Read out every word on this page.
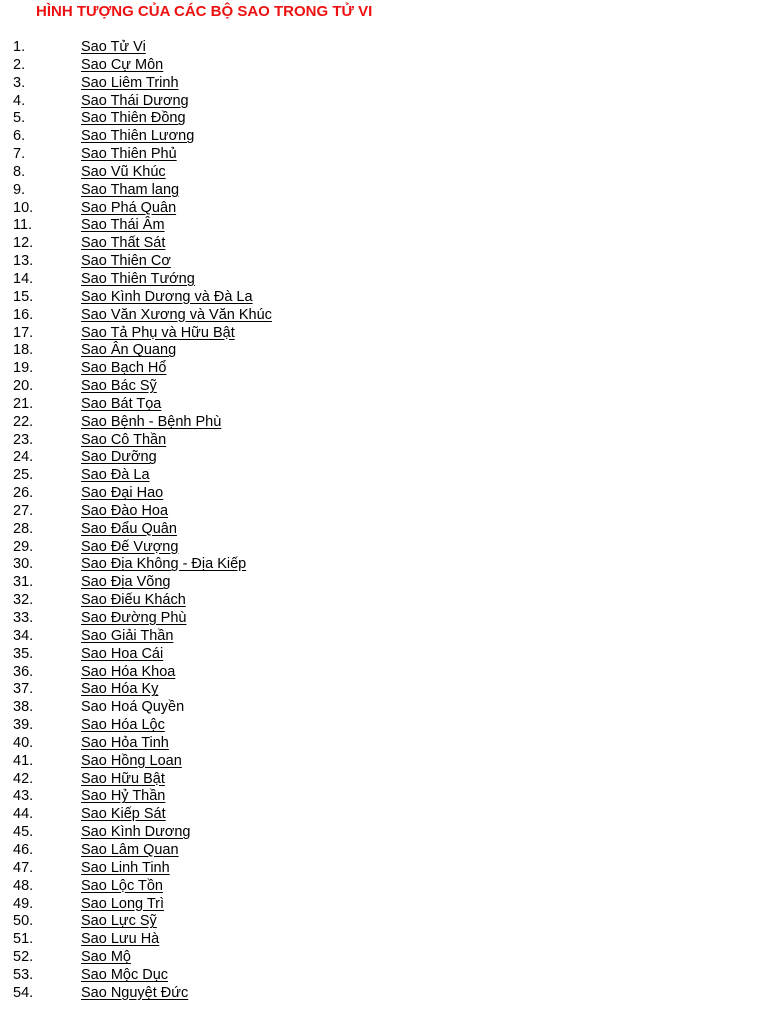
HÌNH TƯỢNG CỦA CÁC BỘ SAO TRONG TỬ VI
1.	Sao Tử Vi
2.	Sao Cự Môn
3.	Sao Liêm Trinh
4.	Sao Thái Dương
5.	Sao Thiên Đồng
6.	Sao Thiên Lương
7.	Sao Thiên Phủ
8.	Sao Vũ Khúc
9.	Sao Tham lang
10.	Sao Phá Quân
11.	Sao Thái Âm
12.	Sao Thất Sát
13.	Sao Thiên Cơ
14.	Sao Thiên Tướng
15.	Sao Kình Dương và Đà La
16.	Sao Văn Xương và Văn Khúc
17.	Sao Tả Phụ và Hữu Bật
18.	Sao Ân Quang
19.	Sao Bạch Hổ
20.	Sao Bác Sỹ
21.	Sao Bát Tọa
22.	Sao Bệnh - Bệnh Phù
23.	Sao Cô Thần
24.	Sao Dưỡng
25.	Sao Đà La
26.	Sao Đại Hao
27.	Sao Đào Hoa
28.	Sao Đẩu Quân
29.	Sao Đế Vượng
30.	Sao Địa Không - Địa Kiếp
31.	Sao Địa Võng
32.	Sao Điếu Khách
33.	Sao Đường Phù
34.	Sao Giải Thần
35.	Sao Hoa Cái
36.	Sao Hóa Khoa
37.	Sao Hóa Kỵ
38.	Sao Hoá Quyền
39.	Sao Hóa Lộc
40.	Sao Hỏa Tinh
41.	Sao Hồng Loan
42.	Sao Hữu Bật
43.	Sao Hỷ Thần
44.	Sao Kiếp Sát
45.	Sao Kình Dương
46.	Sao Lâm Quan
47.	Sao Linh Tinh
48.	Sao Lộc Tồn
49.	Sao Long Trì
50.	Sao Lực Sỹ
51.	Sao Lưu Hà
52.	Sao Mộ
53.	Sao Mộc Dục
54.	Sao Nguyệt Đức
